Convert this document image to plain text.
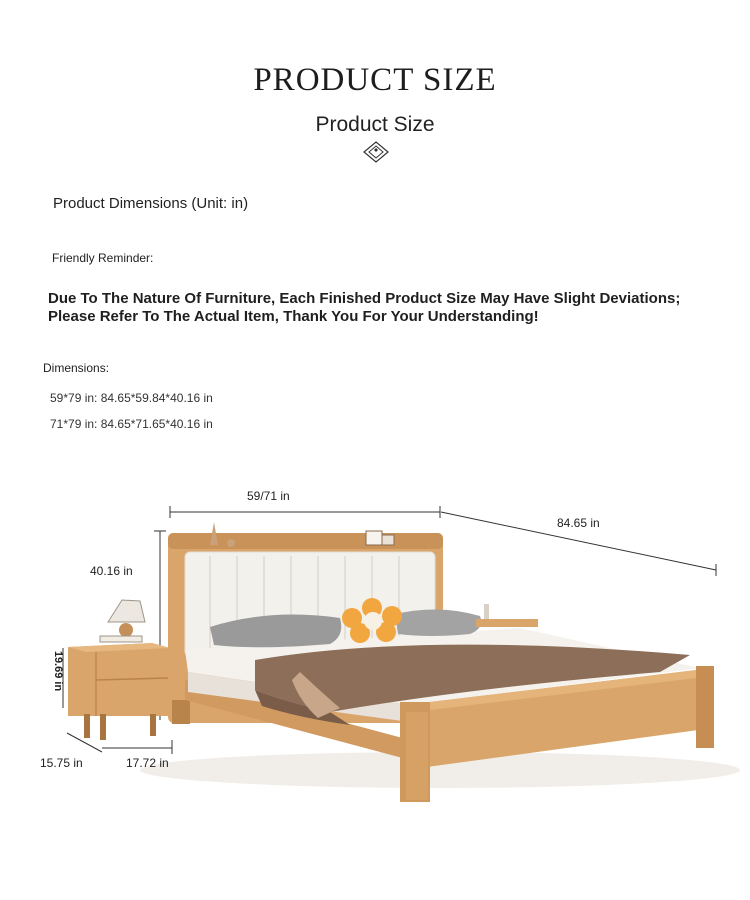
PRODUCT SIZE
Product Size
Product Dimensions (Unit: in)
Friendly Reminder:
Due To The Nature Of Furniture, Each Finished Product Size May Have Slight Deviations; Please Refer To The Actual Item, Thank You For Your Understanding!
Dimensions:
59*79 in: 84.65*59.84*40.16 in
71*79 in: 84.65*71.65*40.16 in
59/71 in
84.65 in
40.16 in
19.69 in
15.75 in	17.72 in
